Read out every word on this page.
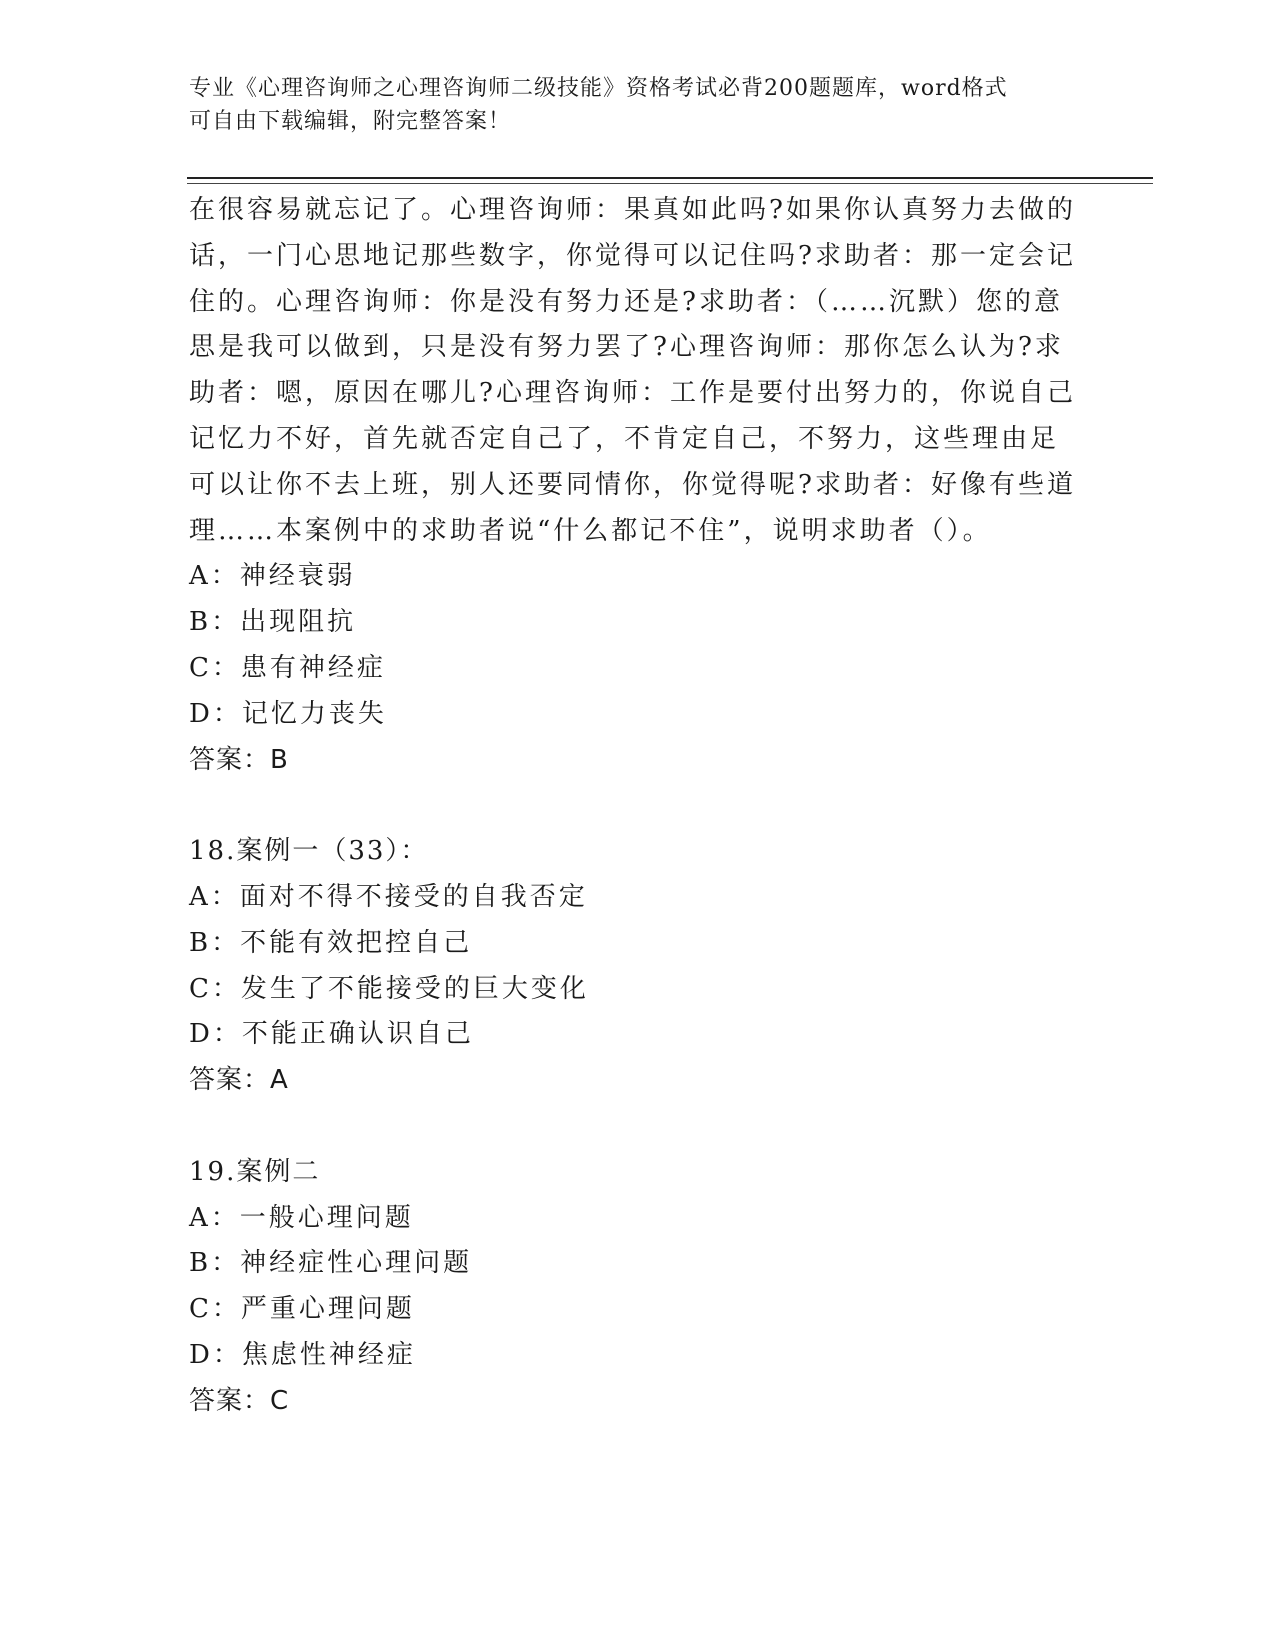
专业《心理咨询师之心理咨询师二级技能》资格考试必背200题题库，word格式
可自由下载编辑，附完整答案！

在很容易就忘记了。心理咨询师：果真如此吗?如果你认真努力去做的

话，一门心思地记那些数字，你觉得可以记住吗?求助者：那一定会记

住的。心理咨询师：你是没有努力还是?求助者：（……沉默）您的意

思是我可以做到，只是没有努力罢了?心理咨询师：那你怎么认为?求

助者：嗯，原因在哪儿?心理咨询师：工作是要付出努力的，你说自己

记忆力不好，首先就否定自己了，不肯定自己，不努力，这些理由足

可以让你不去上班，别人还要同情你，你觉得呢?求助者：好像有些道

理……本案例中的求助者说“什么都记不住”，说明求助者（）。

A：神经衰弱

B：出现阻抗

C：患有神经症

D：记忆力丧失

答案：B

18.案例一（33）：

A：面对不得不接受的自我否定

B：不能有效把控自己

C：发生了不能接受的巨大变化

D：不能正确认识自己

答案：A

19.案例二

A：一般心理问题

B：神经症性心理问题

C：严重心理问题

D：焦虑性神经症

答案：C
